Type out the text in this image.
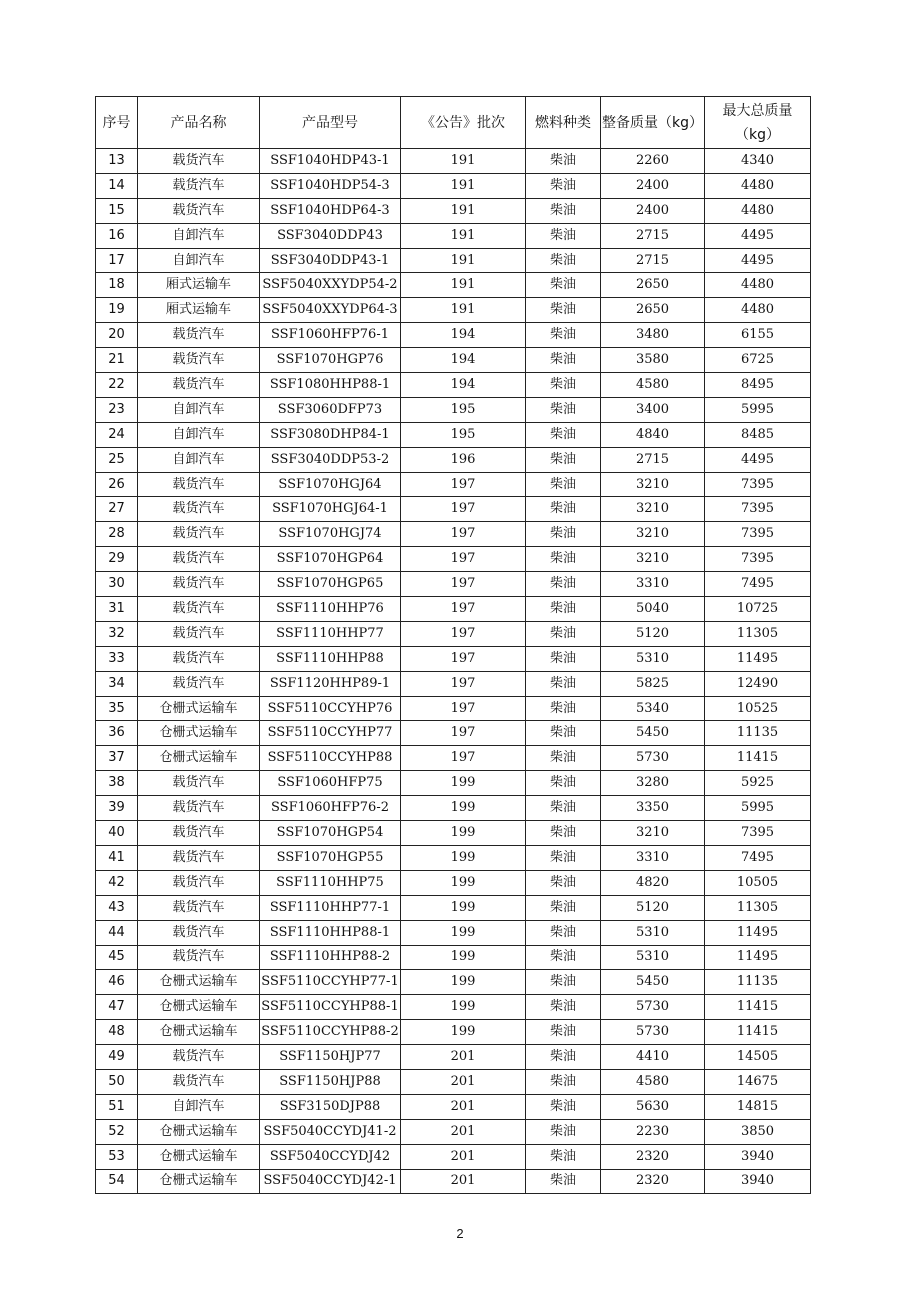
序号	产品名称	产品型号	《公告》批次	燃料种类	整备质量（kg）	最大总质量（kg）
13	载货汽车	SSF1040HDP43-1	191	柴油	2260	4340
14	载货汽车	SSF1040HDP54-3	191	柴油	2400	4480
15	载货汽车	SSF1040HDP64-3	191	柴油	2400	4480
16	自卸汽车	SSF3040DDP43	191	柴油	2715	4495
17	自卸汽车	SSF3040DDP43-1	191	柴油	2715	4495
18	厢式运输车	SSF5040XXYDP54-2	191	柴油	2650	4480
19	厢式运输车	SSF5040XXYDP64-3	191	柴油	2650	4480
20	载货汽车	SSF1060HFP76-1	194	柴油	3480	6155
21	载货汽车	SSF1070HGP76	194	柴油	3580	6725
22	载货汽车	SSF1080HHP88-1	194	柴油	4580	8495
23	自卸汽车	SSF3060DFP73	195	柴油	3400	5995
24	自卸汽车	SSF3080DHP84-1	195	柴油	4840	8485
25	自卸汽车	SSF3040DDP53-2	196	柴油	2715	4495
26	载货汽车	SSF1070HGJ64	197	柴油	3210	7395
27	载货汽车	SSF1070HGJ64-1	197	柴油	3210	7395
28	载货汽车	SSF1070HGJ74	197	柴油	3210	7395
29	载货汽车	SSF1070HGP64	197	柴油	3210	7395
30	载货汽车	SSF1070HGP65	197	柴油	3310	7495
31	载货汽车	SSF1110HHP76	197	柴油	5040	10725
32	载货汽车	SSF1110HHP77	197	柴油	5120	11305
33	载货汽车	SSF1110HHP88	197	柴油	5310	11495
34	载货汽车	SSF1120HHP89-1	197	柴油	5825	12490
35	仓栅式运输车	SSF5110CCYHP76	197	柴油	5340	10525
36	仓栅式运输车	SSF5110CCYHP77	197	柴油	5450	11135
37	仓栅式运输车	SSF5110CCYHP88	197	柴油	5730	11415
38	载货汽车	SSF1060HFP75	199	柴油	3280	5925
39	载货汽车	SSF1060HFP76-2	199	柴油	3350	5995
40	载货汽车	SSF1070HGP54	199	柴油	3210	7395
41	载货汽车	SSF1070HGP55	199	柴油	3310	7495
42	载货汽车	SSF1110HHP75	199	柴油	4820	10505
43	载货汽车	SSF1110HHP77-1	199	柴油	5120	11305
44	载货汽车	SSF1110HHP88-1	199	柴油	5310	11495
45	载货汽车	SSF1110HHP88-2	199	柴油	5310	11495
46	仓栅式运输车	SSF5110CCYHP77-1	199	柴油	5450	11135
47	仓栅式运输车	SSF5110CCYHP88-1	199	柴油	5730	11415
48	仓栅式运输车	SSF5110CCYHP88-2	199	柴油	5730	11415
49	载货汽车	SSF1150HJP77	201	柴油	4410	14505
50	载货汽车	SSF1150HJP88	201	柴油	4580	14675
51	自卸汽车	SSF3150DJP88	201	柴油	5630	14815
52	仓栅式运输车	SSF5040CCYDJ41-2	201	柴油	2230	3850
53	仓栅式运输车	SSF5040CCYDJ42	201	柴油	2320	3940
54	仓栅式运输车	SSF5040CCYDJ42-1	201	柴油	2320	3940
2
